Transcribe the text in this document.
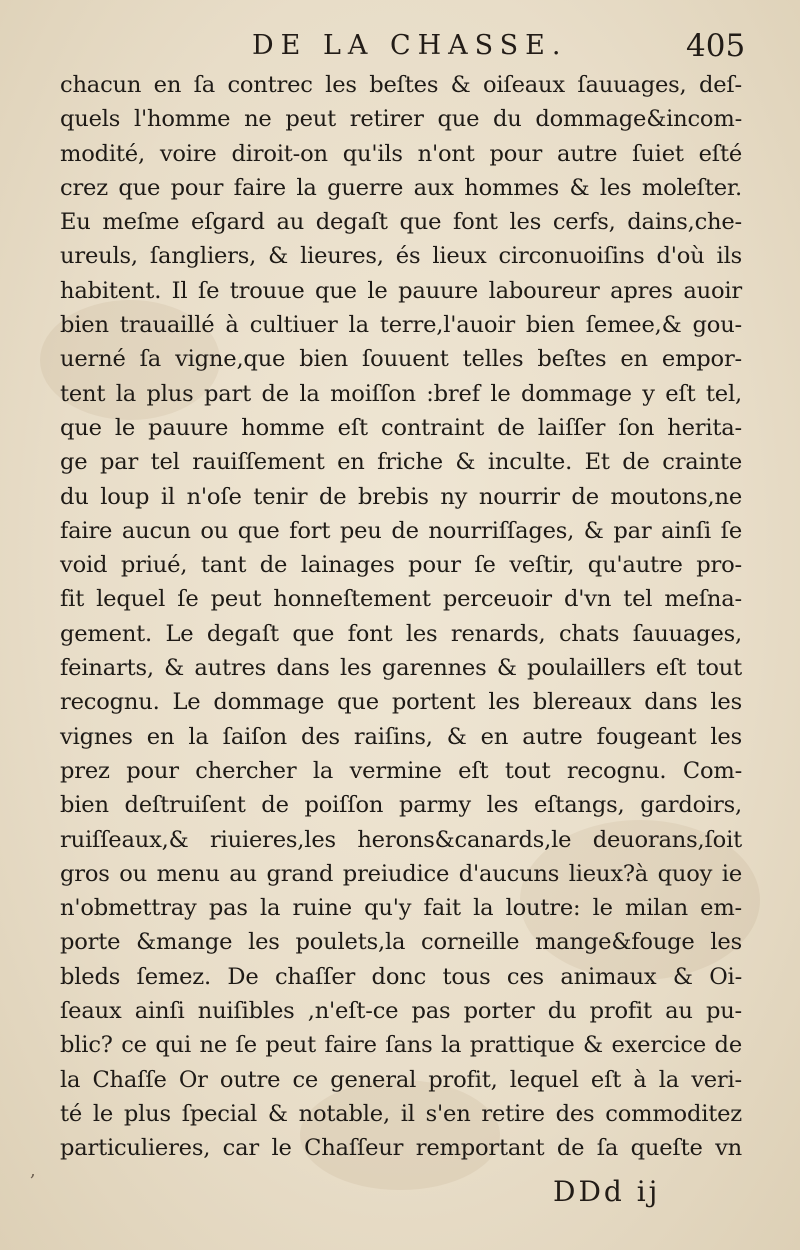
DE LA CHASSE.	405
chacun en ſa contrec les beſtes & oiſeaux ſauuages, deſ-
quels l'homme ne peut retirer que du dommage&incom-
modité, voire diroit-on qu'ils n'ont pour autre ſuiet eſté
crez que pour faire la guerre aux hommes & les moleſter.
Eu meſme eſgard au degaſt que font les cerfs, dains,che-
ureuls, ſangliers, & lieures, és lieux circonuoiſins d'où ils
habitent. Il ſe trouue que le pauure laboureur apres auoir
bien trauaillé à cultiuer la terre,l'auoir bien ſemee,& gou-
uerné ſa vigne,que bien ſouuent telles beſtes en empor-
tent la plus part de la moiſſon :bref le dommage y eſt tel,
que le pauure homme eſt contraint de laiſſer ſon herita-
ge par tel rauiſſement en friche & inculte. Et de crainte
du loup il n'oſe tenir de brebis ny nourrir de moutons,ne
faire aucun ou que fort peu de nourriſſages, & par ainſi ſe
void priué, tant de lainages pour ſe veſtir, qu'autre pro-
fit lequel ſe peut honneſtement perceuoir d'vn tel meſna-
gement. Le degaſt que font les renards, chats ſauuages,
feinarts, & autres dans les garennes & poulaillers eſt tout
recognu. Le dommage que portent les blereaux dans les
vignes en la ſaiſon des raiſins, & en autre fougeant les
prez pour chercher la vermine eſt tout recognu. Com-
bien deſtruiſent de poiſſon parmy les eſtangs, gardoirs,
ruiſſeaux,& riuieres,les herons&canards,le deuorans,ſoit
gros ou menu au grand preiudice d'aucuns lieux?à quoy ie
n'obmettray pas la ruine qu'y fait la loutre: le milan em-
porte &mange les poulets,la corneille mange&fouge les
bleds ſemez. De chaſſer donc tous ces animaux & Oi-
ſeaux ainſi nuiſibles ,n'eſt-ce pas porter du profit au pu-
blic? ce qui ne ſe peut faire ſans la prattique & exercice de
la Chaſſe Or outre ce general profit, lequel eſt à la veri-
té le plus ſpecial & notable, il s'en retire des commoditez
particulieres, car le Chaſſeur remportant de ſa queſte vn
,
DDd ij
